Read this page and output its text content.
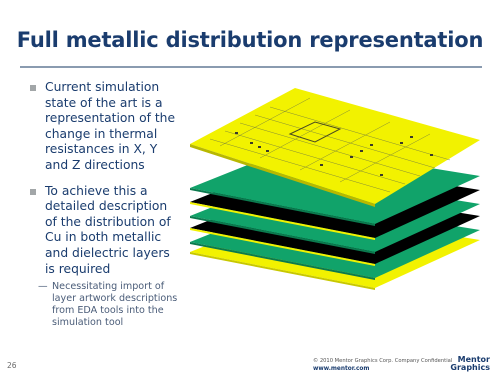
Full metallic distribution representation
Current simulation state of the art is a representation of the change in thermal resistances in X, Y and Z directions
To achieve this a detailed description of the distribution of Cu in both metallic and dielectric layers is required
— Necessitating import of layer artwork descriptions from EDA tools into the simulation tool
26	© 2010 Mentor Graphics Corp. Company Confidential
www.mentor.com
Mentor
Graphics
